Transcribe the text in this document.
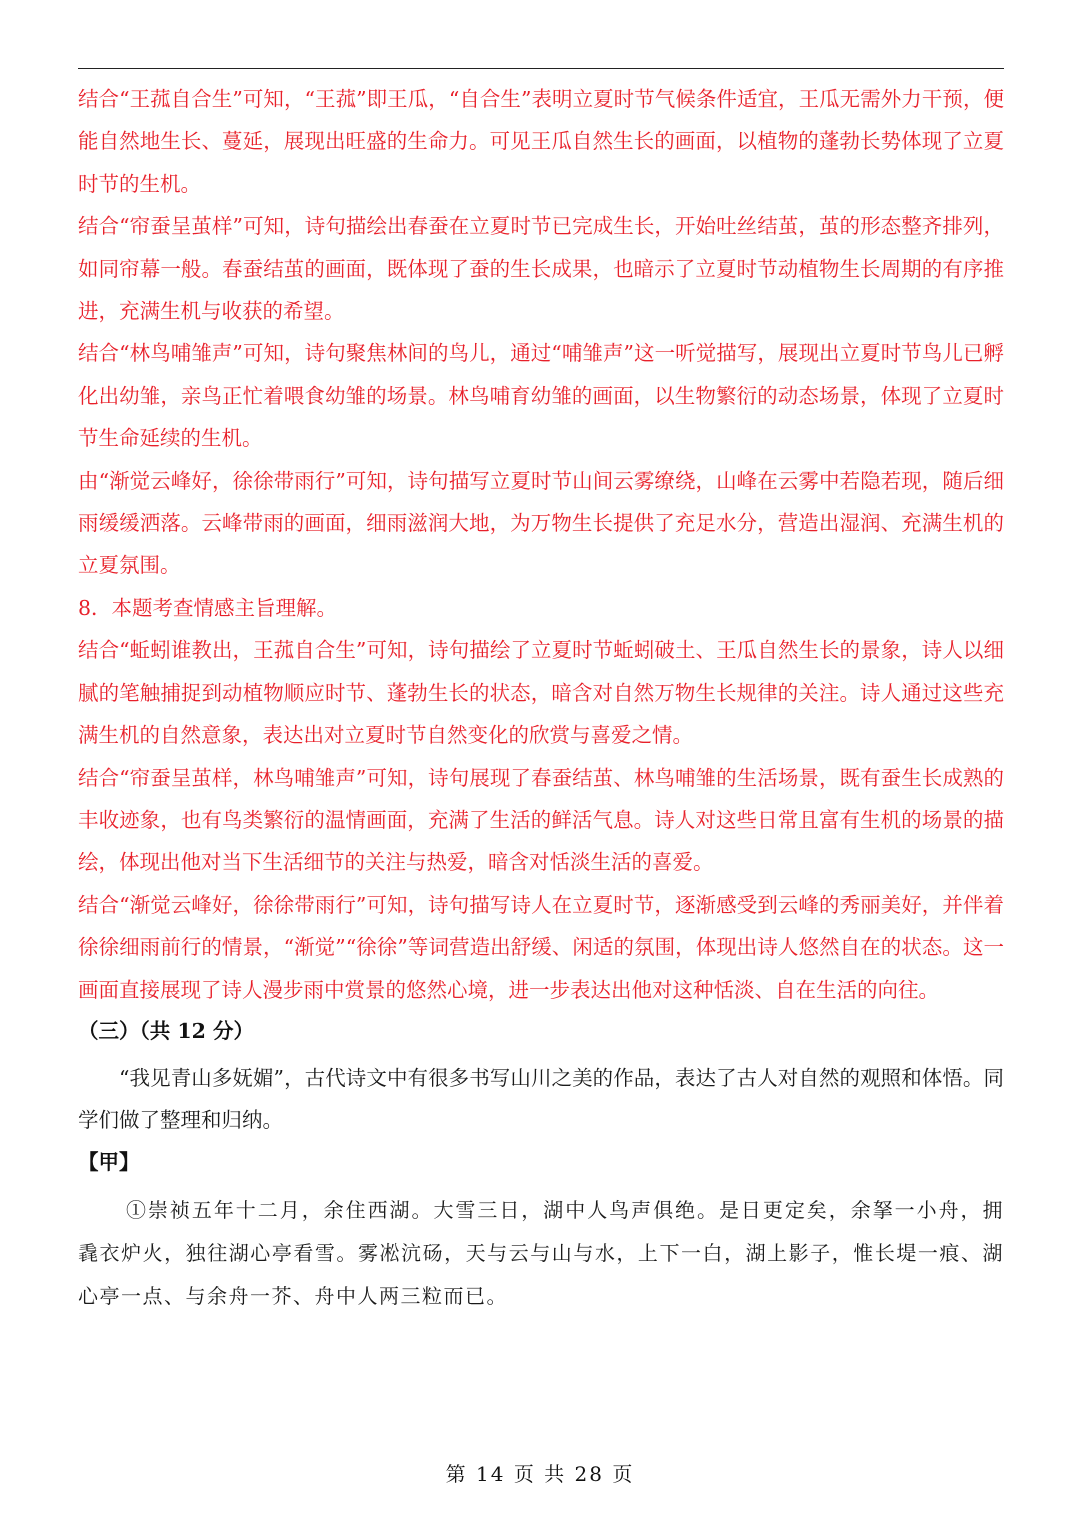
结合“王菰自合生”可知，“王菰”即王瓜，“自合生”表明立夏时节气候条件适宜，王瓜无需外力干预，便能自然地生长、蔓延，展现出旺盛的生命力。可见王瓜自然生长的画面，以植物的蓬勃长势体现了立夏时节的生机。

结合“帘蚕呈茧样”可知，诗句描绘出春蚕在立夏时节已完成生长，开始吐丝结茧，茧的形态整齐排列，如同帘幕一般。春蚕结茧的画面，既体现了蚕的生长成果，也暗示了立夏时节动植物生长周期的有序推进，充满生机与收获的希望。

结合“林鸟哺雏声”可知，诗句聚焦林间的鸟儿，通过“哺雏声”这一听觉描写，展现出立夏时节鸟儿已孵化出幼雏，亲鸟正忙着喂食幼雏的场景。林鸟哺育幼雏的画面，以生物繁衍的动态场景，体现了立夏时节生命延续的生机。

由“渐觉云峰好，徐徐带雨行”可知，诗句描写立夏时节山间云雾缭绕，山峰在云雾中若隐若现，随后细雨缓缓洒落。云峰带雨的画面，细雨滋润大地，为万物生长提供了充足水分，营造出湿润、充满生机的立夏氛围。

8．本题考查情感主旨理解。

结合“蚯蚓谁教出，王菰自合生”可知，诗句描绘了立夏时节蚯蚓破土、王瓜自然生长的景象，诗人以细腻的笔触捕捉到动植物顺应时节、蓬勃生长的状态，暗含对自然万物生长规律的关注。诗人通过这些充满生机的自然意象，表达出对立夏时节自然变化的欣赏与喜爱之情。

结合“帘蚕呈茧样，林鸟哺雏声”可知，诗句展现了春蚕结茧、林鸟哺雏的生活场景，既有蚕生长成熟的丰收迹象，也有鸟类繁衍的温情画面，充满了生活的鲜活气息。诗人对这些日常且富有生机的场景的描绘，体现出他对当下生活细节的关注与热爱，暗含对恬淡生活的喜爱。

结合“渐觉云峰好，徐徐带雨行”可知，诗句描写诗人在立夏时节，逐渐感受到云峰的秀丽美好，并伴着徐徐细雨前行的情景，“渐觉”“徐徐”等词营造出舒缓、闲适的氛围，体现出诗人悠然自在的状态。这一画面直接展现了诗人漫步雨中赏景的悠然心境，进一步表达出他对这种恬淡、自在生活的向往。

（三）（共 12 分）

“我见青山多妩媚”，古代诗文中有很多书写山川之美的作品，表达了古人对自然的观照和体悟。同学们做了整理和归纳。

【甲】

①崇祯五年十二月，余住西湖。大雪三日，湖中人鸟声俱绝。是日更定矣，余拏一小舟，拥毳衣炉火，独往湖心亭看雪。雾凇沆砀，天与云与山与水，上下一白，湖上影子，惟长堤一痕、湖心亭一点、与余舟一芥、舟中人两三粒而已。

第 14 页 共 28 页
